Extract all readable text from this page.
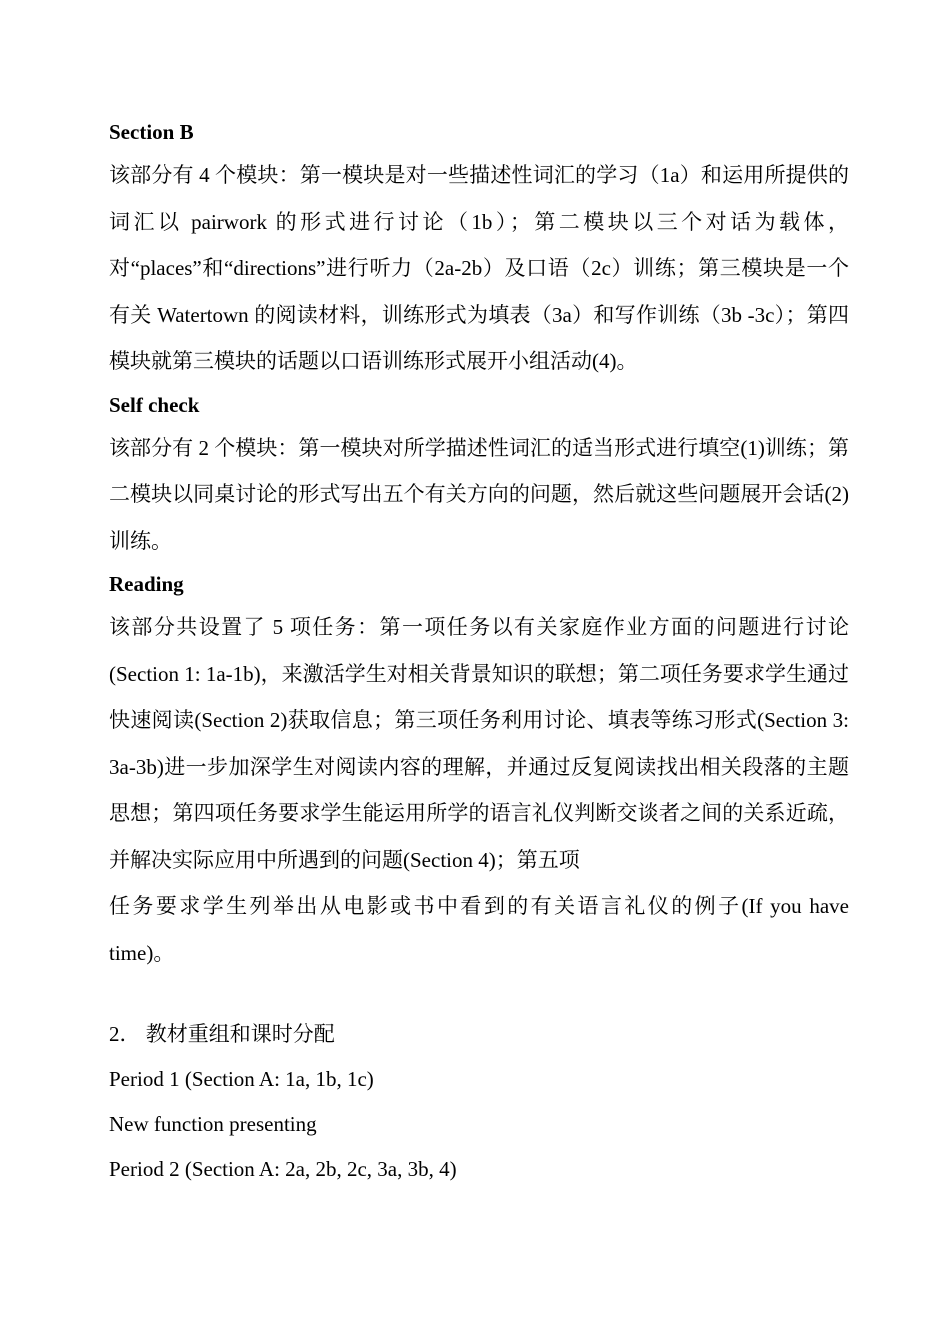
Section B

该部分有 4 个模块：第一模块是对一些描述性词汇的学习（1a）和运用所提供的词汇以 pairwork 的形式进行讨论（1b）；第二模块以三个对话为载体，对“places”和“directions”进行听力（2a-2b）及口语（2c）训练；第三模块是一个有关 Watertown 的阅读材料，训练形式为填表（3a）和写作训练（3b -3c）；第四模块就第三模块的话题以口语训练形式展开小组活动(4)。

Self check

该部分有 2 个模块：第一模块对所学描述性词汇的适当形式进行填空(1)训练；第二模块以同桌讨论的形式写出五个有关方向的问题，然后就这些问题展开会话(2)训练。

Reading

该部分共设置了 5 项任务：第一项任务以有关家庭作业方面的问题进行讨论(Section 1: 1a-1b)，来激活学生对相关背景知识的联想；第二项任务要求学生通过快速阅读(Section 2)获取信息；第三项任务利用讨论、填表等练习形式(Section 3: 3a-3b)进一步加深学生对阅读内容的理解，并通过反复阅读找出相关段落的主题思想；第四项任务要求学生能运用所学的语言礼仪判断交谈者之间的关系近疏，并解决实际应用中所遇到的问题(Section 4)；第五项

任务要求学生列举出从电影或书中看到的有关语言礼仪的例子(If you have time)。

2． 教材重组和课时分配
Period 1 (Section A: 1a, 1b, 1c)
New function presenting
Period 2 (Section A: 2a, 2b, 2c, 3a, 3b, 4)
